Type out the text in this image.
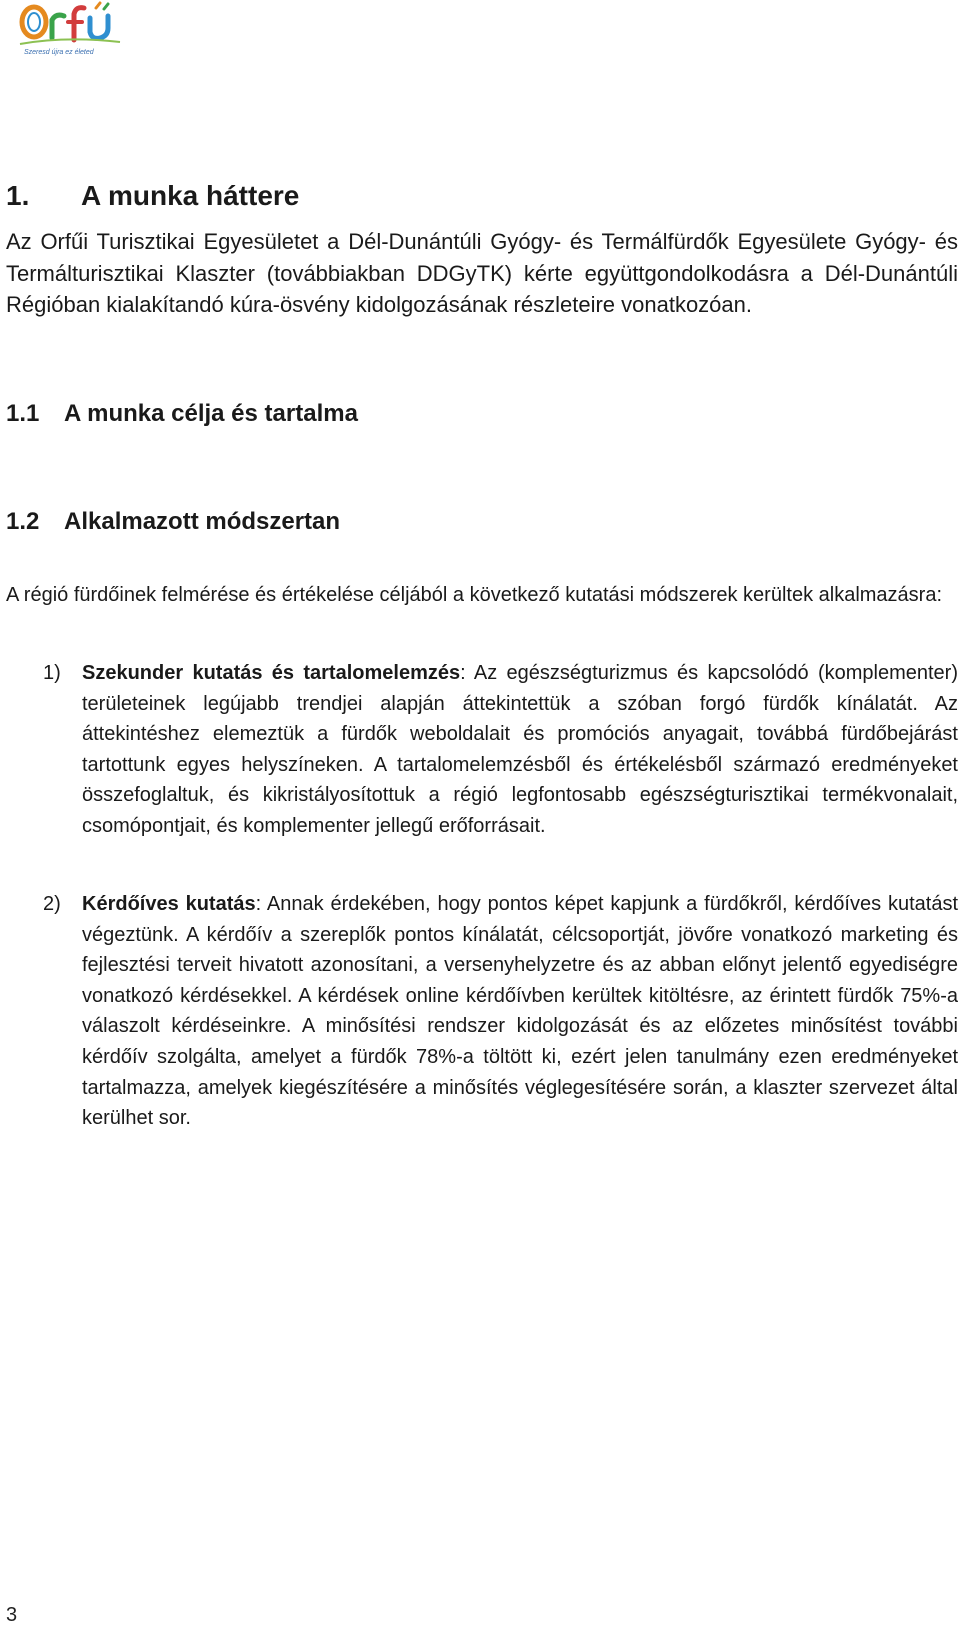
Szeresd újra ez életed
1. A munka háttere

Az Orfűi Turisztikai Egyesületet a Dél-Dunántúli Gyógy- és Termálfürdők Egyesülete Gyógy- és Termálturisztikai Klaszter (továbbiakban DDGyTK) kérte együttgondolkodásra a Dél-Dunántúli Régióban kialakítandó kúra-ösvény kidolgozásának részleteire vonatkozóan.

1.1 A munka célja és tartalma
1.2 Alkalmazott módszertan

A régió fürdőinek felmérése és értékelése céljából a következő kutatási módszerek kerültek alkalmazásra:

1)	Szekunder kutatás és tartalomelemzés: Az egészségturizmus és kapcsolódó (komplementer) területeinek legújabb trendjei alapján áttekintettük a szóban forgó fürdők kínálatát. Az áttekintéshez elemeztük a fürdők weboldalait és promóciós anyagait, továbbá fürdőbejárást tartottunk egyes helyszíneken. A tartalomelemzésből és értékelésből származó eredményeket összefoglaltuk, és kikristályosítottuk a régió legfontosabb egészségturisztikai termékvonalait, csomópontjait, és komplementer jellegű erőforrásait.

2)	Kérdőíves kutatás: Annak érdekében, hogy pontos képet kapjunk a fürdőkről, kérdőíves kutatást végeztünk. A kérdőív a szereplők pontos kínálatát, célcsoportját, jövőre vonatkozó marketing és fejlesztési terveit hivatott azonosítani, a versenyhelyzetre és az abban előnyt jelentő egyediségre vonatkozó kérdésekkel. A kérdések online kérdőívben kerültek kitöltésre, az érintett fürdők 75%-a válaszolt kérdéseinkre. A minősítési rendszer kidolgozását és az előzetes minősítést további kérdőív szolgálta, amelyet a fürdők 78%-a töltött ki, ezért jelen tanulmány ezen eredményeket tartalmazza, amelyek kiegészítésére a minősítés véglegesítésére során, a klaszter szervezet által kerülhet sor.

3
